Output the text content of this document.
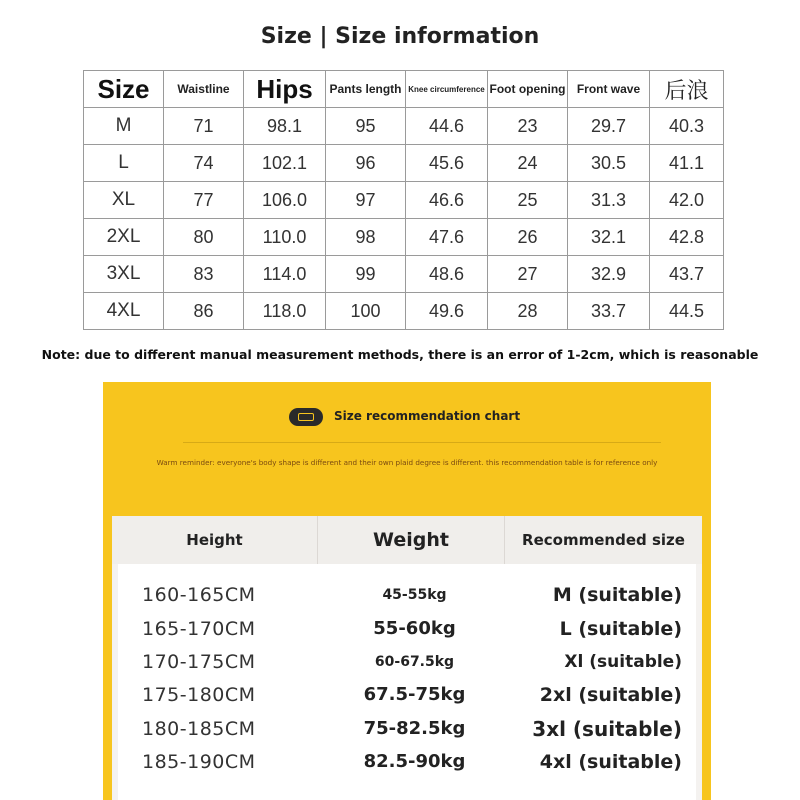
Size | Size information
Size	Waistline	Hips	Pants length	Knee circumference	Foot opening	Front wave	后浪
M	71	98.1	95	44.6	23	29.7	40.3
L	74	102.1	96	45.6	24	30.5	41.1
XL	77	106.0	97	46.6	25	31.3	42.0
2XL	80	110.0	98	47.6	26	32.1	42.8
3XL	83	114.0	99	48.6	27	32.9	43.7
4XL	86	118.0	100	49.6	28	33.7	44.5
Note: due to different manual measurement methods, there is an error of 1-2cm, which is reasonable
Size recommendation chart
Warm reminder: everyone's body shape is different and their own plaid degree is different. this recommendation table is for reference only
Height	Weight	Recommended size
160-165CM	45-55kg	M (suitable)
165-170CM	55-60kg	L (suitable)
170-175CM	60-67.5kg	Xl (suitable)
175-180CM	67.5-75kg	2xl (suitable)
180-185CM	75-82.5kg	3xl (suitable)
185-190CM	82.5-90kg	4xl (suitable)
